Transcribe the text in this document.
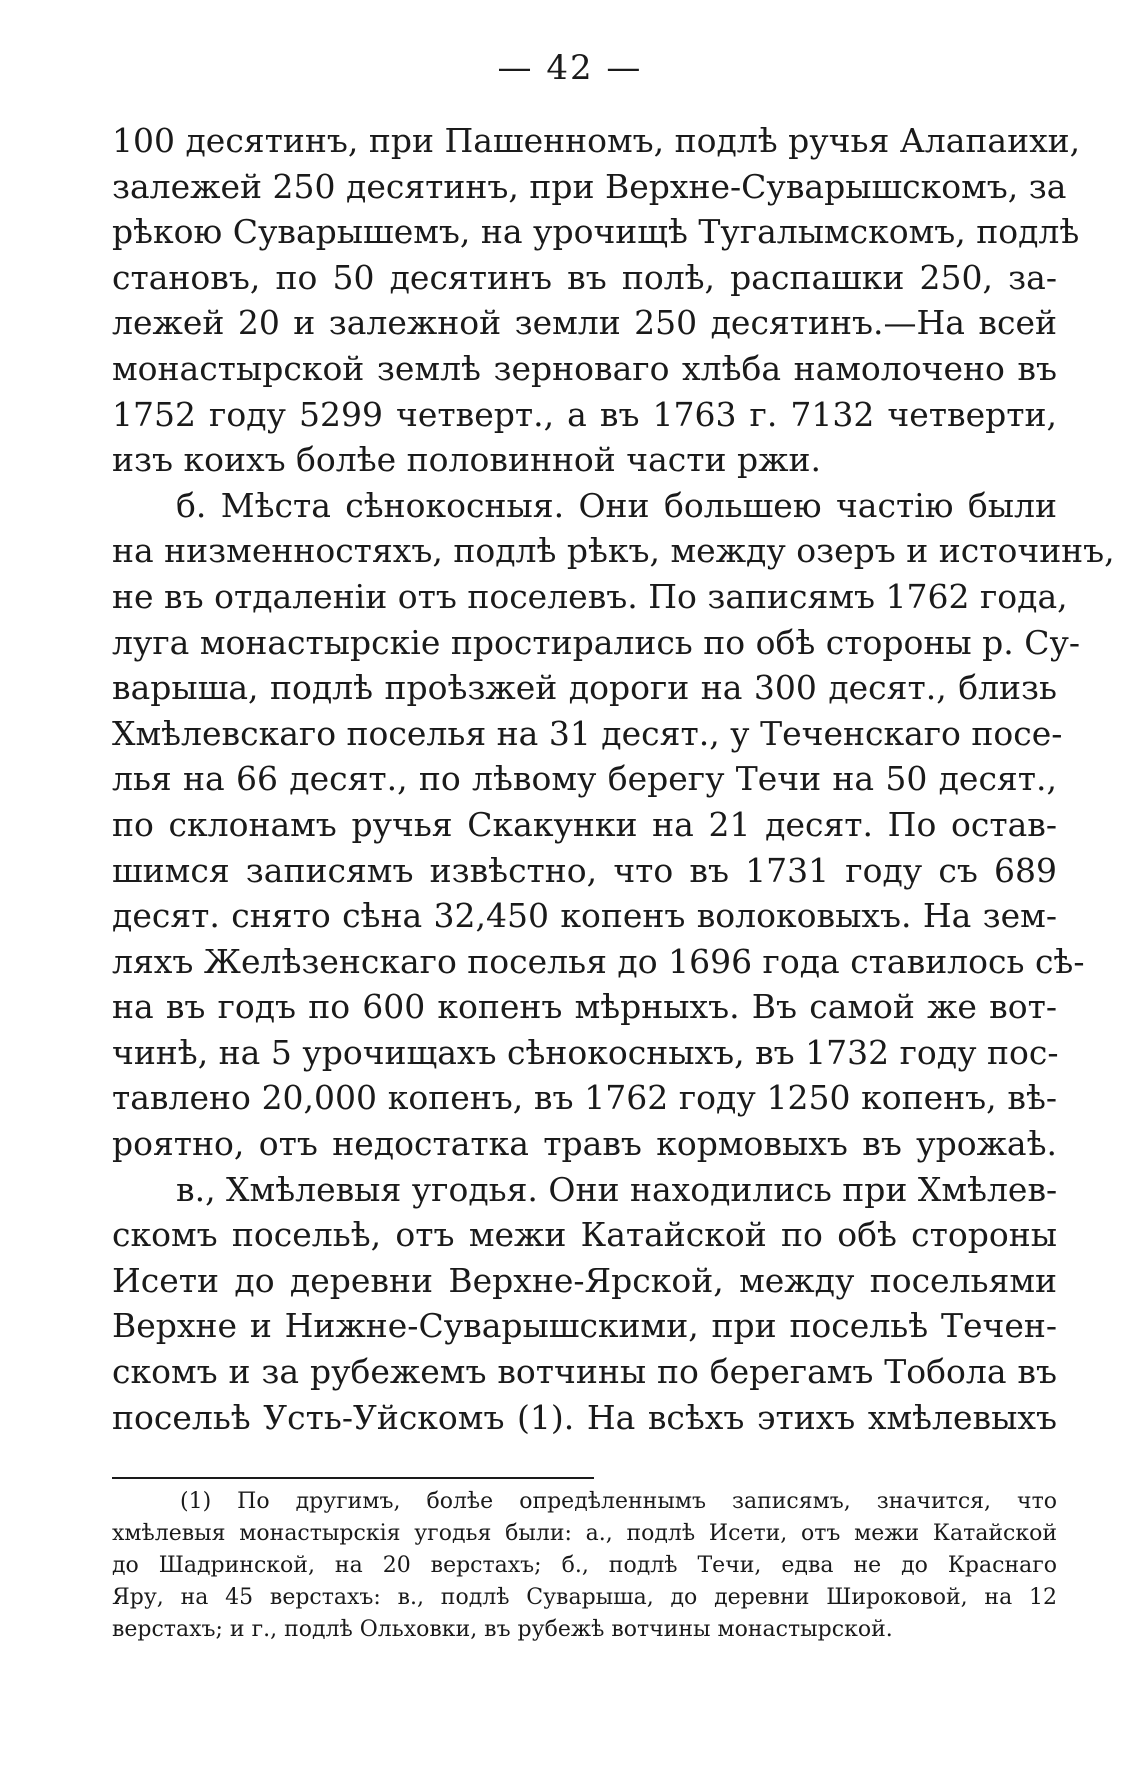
— 42 —
100 десятинъ, при Пашенномъ, подлѣ ручья Алапаихи,
залежей 250 десятинъ, при Верхне-Суварышскомъ, за
рѣкою Суварышемъ, на урочищѣ Тугалымскомъ, подлѣ
становъ, по 50 десятинъ въ полѣ, распашки 250, за-
лежей 20 и залежной земли 250 десятинъ.—На всей
монастырской землѣ зерноваго хлѣба намолочено въ
1752 году 5299 четверт., а въ 1763 г. 7132 четверти,
изъ коихъ болѣе половинной части ржи.
б. Мѣста сѣнокосныя. Они большею частію были
на низменностяхъ, подлѣ рѣкъ, между озеръ и источинъ,
не въ отдаленіи отъ поселевъ. По записямъ 1762 года,
луга монастырскіе простирались по обѣ стороны р. Су-
варыша, подлѣ проѣзжей дороги на 300 десят., близь
Хмѣлевскаго поселья на 31 десят., у Теченскаго посе-
лья на 66 десят., по лѣвому берегу Течи на 50 десят.,
по склонамъ ручья Скакунки на 21 десят. По остав-
шимся записямъ извѣстно, что въ 1731 году съ 689
десят. снято сѣна 32,450 копенъ волоковыхъ. На зем-
ляхъ Желѣзенскаго поселья до 1696 года ставилось сѣ-
на въ годъ по 600 копенъ мѣрныхъ. Въ самой же вот-
чинѣ, на 5 урочищахъ сѣнокосныхъ, въ 1732 году пос-
тавлено 20,000 копенъ, въ 1762 году 1250 копенъ, вѣ-
роятно, отъ недостатка травъ кормовыхъ въ урожаѣ.
в., Хмѣлевыя угодья. Они находились при Хмѣлев-
скомъ посельѣ, отъ межи Катайской по обѣ стороны
Исети до деревни Верхне-Ярской, между посельями
Верхне и Нижне-Суварышскими, при посельѣ Течен-
скомъ и за рубежемъ вотчины по берегамъ Тобола въ
посельѣ Усть-Уйскомъ (1). На всѣхъ этихъ хмѣлевыхъ
(1) По другимъ, болѣе опредѣленнымъ записямъ, значится, что
хмѣлевыя монастырскія угодья были: а., подлѣ Исети, отъ межи Катайской
до Шадринской, на 20 верстахъ; б., подлѣ Течи, едва не до Краснаго
Яру, на 45 верстахъ: в., подлѣ Суварыша, до деревни Широковой, на 12
верстахъ; и г., подлѣ Ольховки, въ рубежѣ вотчины монастырской.
